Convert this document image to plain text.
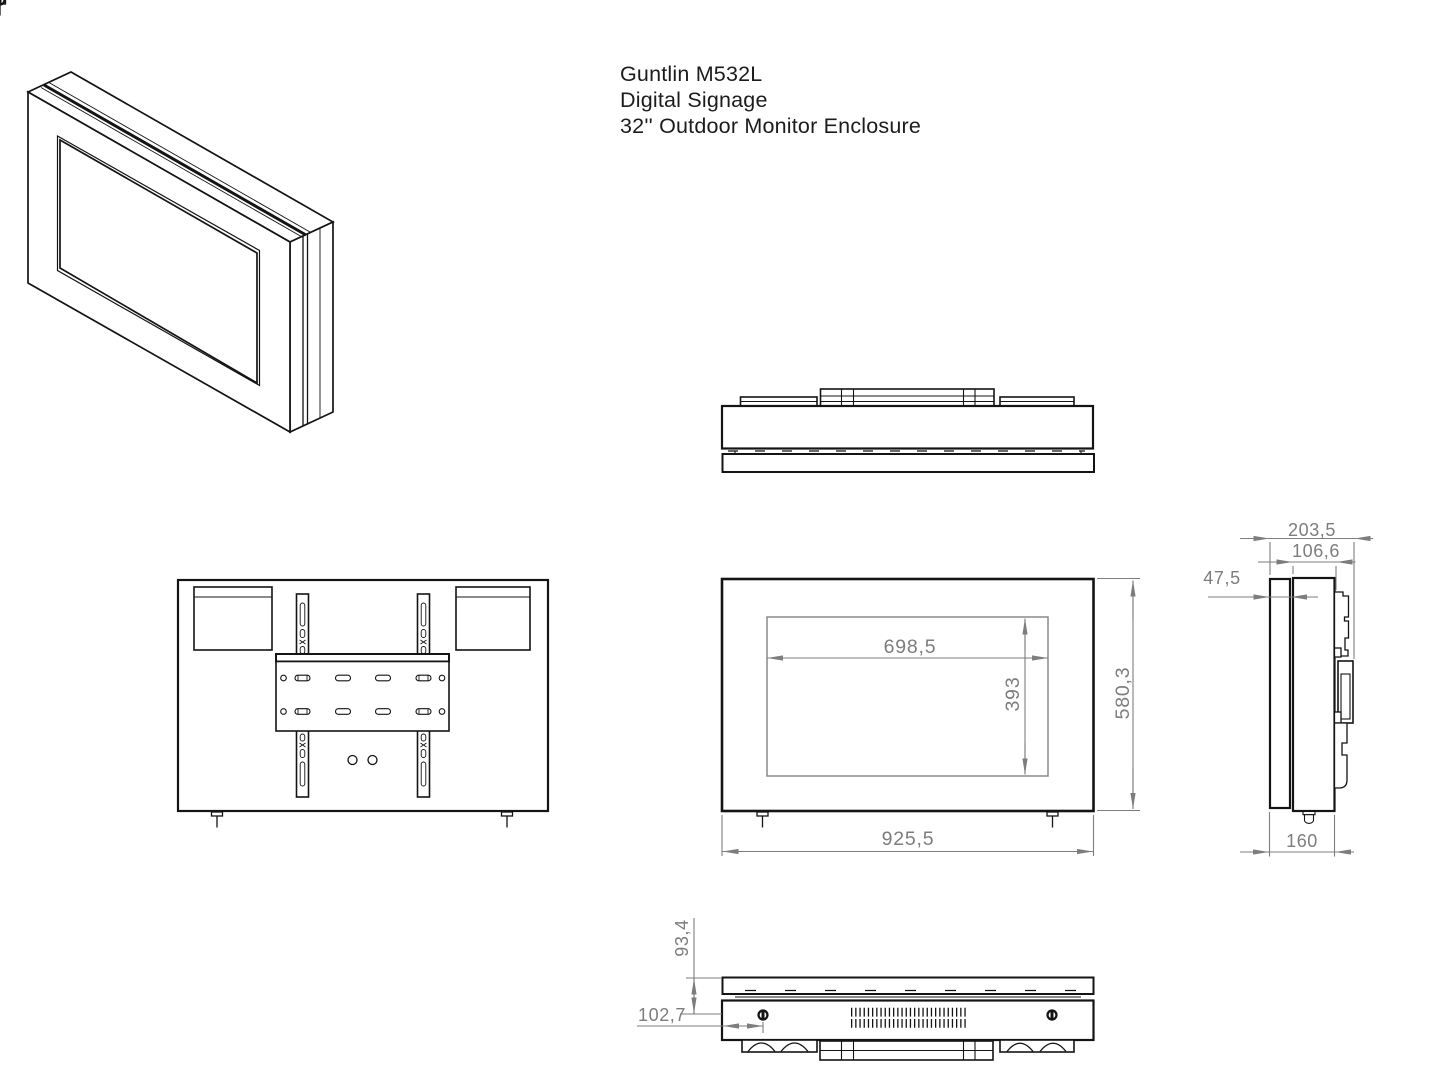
Guntlin M532L
Digital Signage
32'' Outdoor Monitor Enclosure
698,5
393	580,3
925,5
203,5
106,6
47,5
160
93,4
102,7
